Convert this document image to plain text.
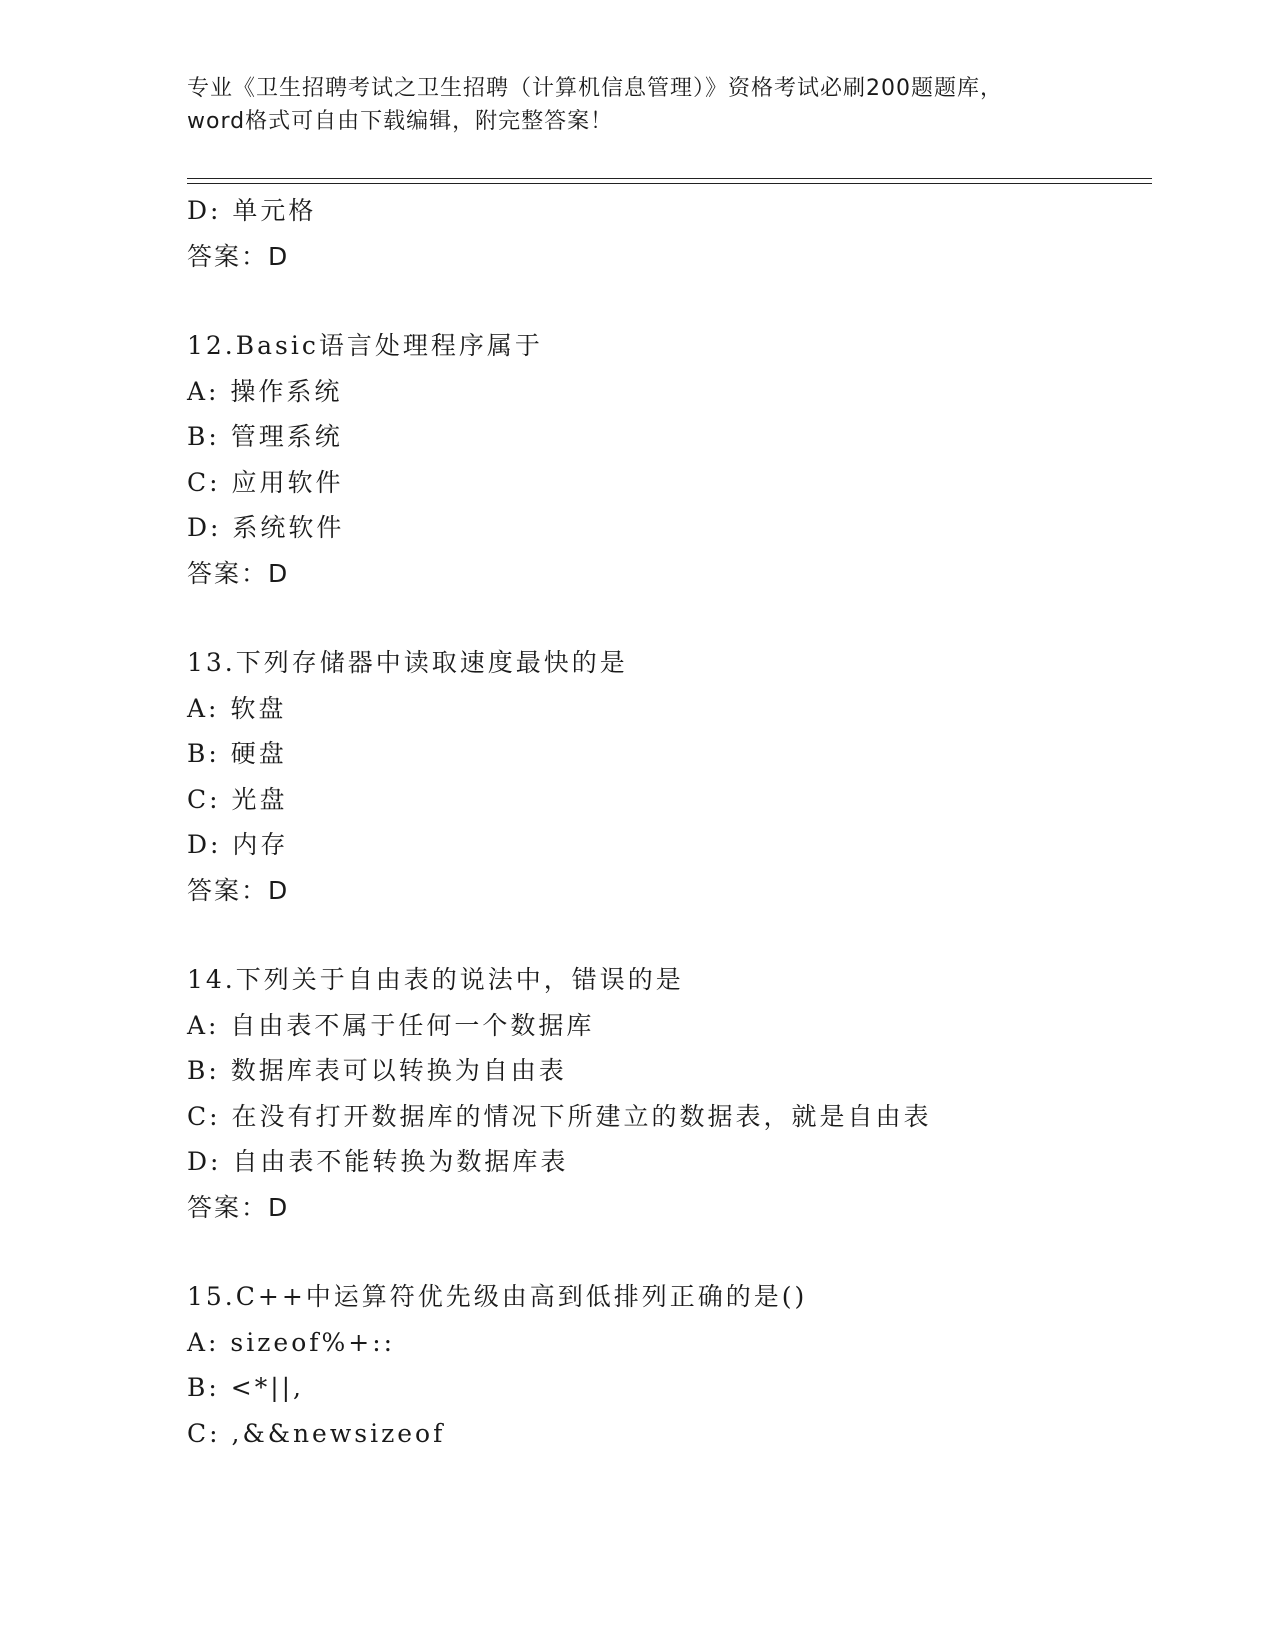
专业《卫生招聘考试之卫生招聘（计算机信息管理）》资格考试必刷200题题库，
word格式可自由下载编辑，附完整答案！
D: 单元格
答案：D
12.Basic语言处理程序属于
A: 操作系统
B: 管理系统
C: 应用软件
D: 系统软件
答案：D
13.下列存储器中读取速度最快的是
A: 软盘
B: 硬盘
C: 光盘
D: 内存
答案：D
14.下列关于自由表的说法中，错误的是
A: 自由表不属于任何一个数据库
B: 数据库表可以转换为自由表
C: 在没有打开数据库的情况下所建立的数据表，就是自由表
D: 自由表不能转换为数据库表
答案：D
15.C++中运算符优先级由高到低排列正确的是()
A: sizeof%+::
B: <*||,
C: ,&&newsizeof
